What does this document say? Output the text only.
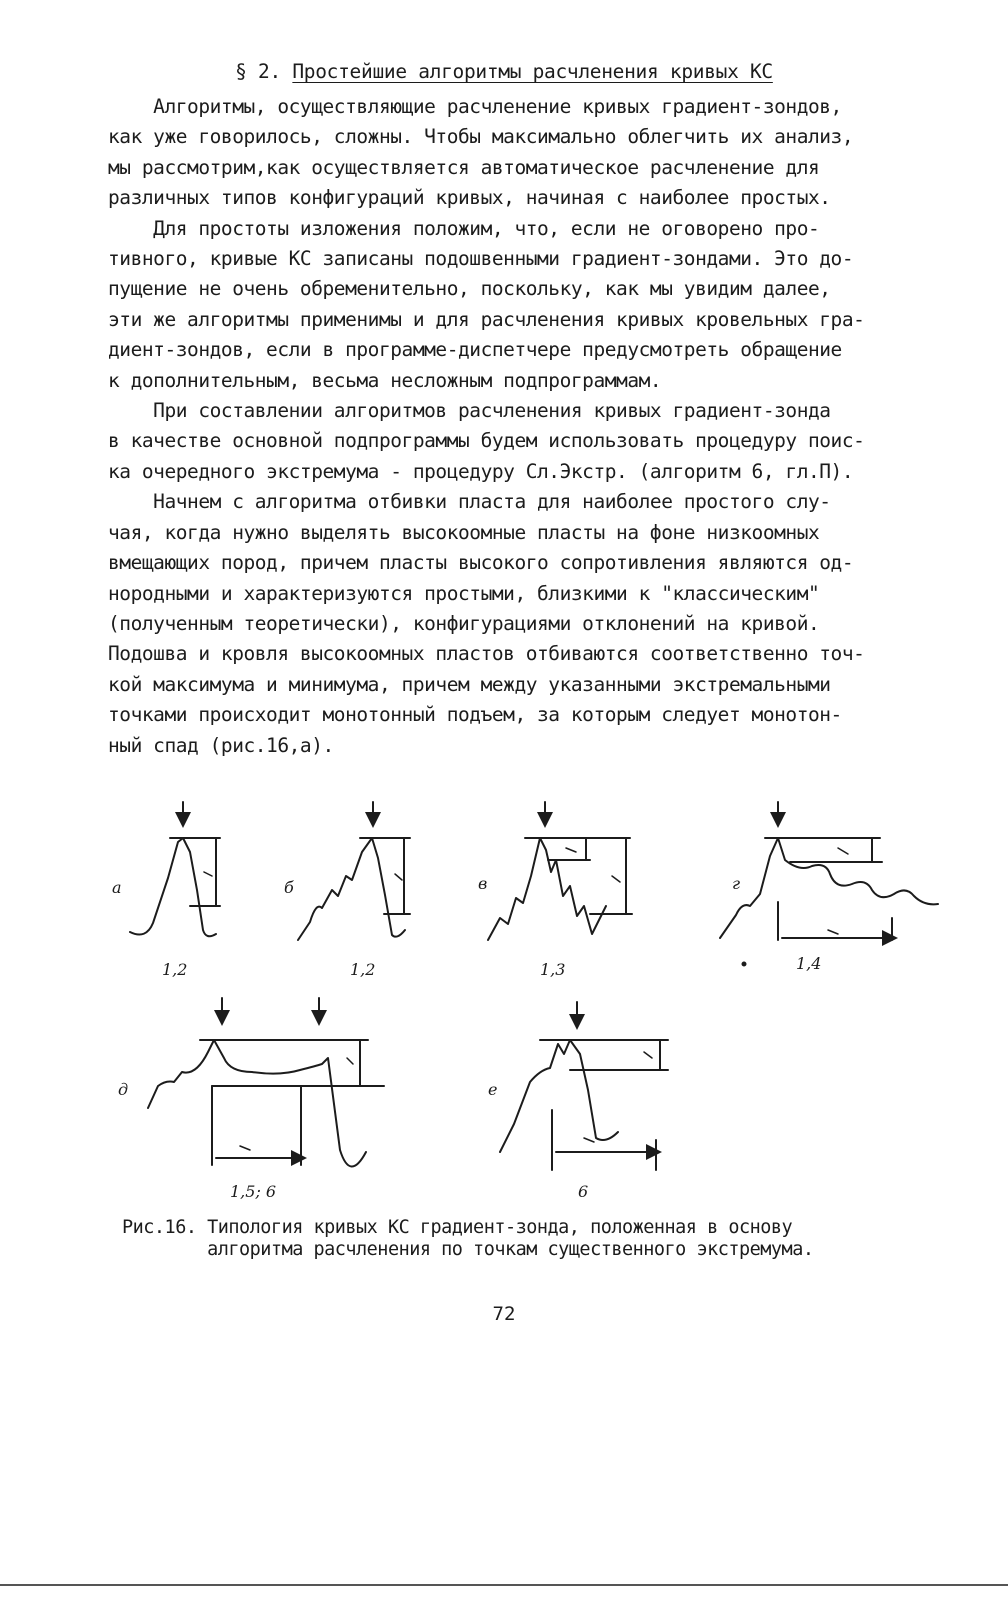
§ 2. Простейшие алгоритмы расчленения кривых КС
Алгоритмы, осуществляющие расчленение кривых градиент-зондов,
как уже говорилось, сложны. Чтобы максимально облегчить их анализ,
мы расcмотрим,как осуществляется автоматическое расчленение для
различных типов конфигураций кривых, начиная с наиболее простых.
Для простоты изложения положим, что, если не оговорено про-
тивного, кривые КС записаны подошвенными градиент-зондами. Это до-
пущение не очень обременительно, поскольку, как мы увидим далее,
эти же алгоритмы применимы и для расчленения кривых кровельных гра-
диент-зондов, если в программе-диспетчере предусмотреть обращение
к дополнительным, весьма несложным подпрограммам.
При составлении алгоритмов расчленения кривых градиент-зонда
в качестве основной подпрограммы будем использовать процедуру поис-
ка очередного экстремума - процедуру Сл.Экстр. (алгоритм 6, гл.П).
Начнем с алгоритма отбивки пласта для наиболее простого слу-
чая, когда нужно выделять высокоомные пласты на фоне низкоомных
вмещающих пород, причем пласты высокого сопротивления являются од-
нородными и характеризуются простыми, близкими к "классическим"
(полученным теоретически), конфигурациями отклонений на кривой.
Подошва и кровля высокоомных пластов отбиваются соответственно точ-
кой максимума и минимума, причем между указанными экстремальными
точками происходит монотонный подъем, за которым следует монотон-
ный спад (рис.16,а).
а	б	в	г
д	е
1,2	1,2	1,3	1,4
1,5; 6	6
Рис.16. Типология кривых КС градиент-зонда, положенная в основу
алгоритма расчленения по точкам существенного экстремума.
72
